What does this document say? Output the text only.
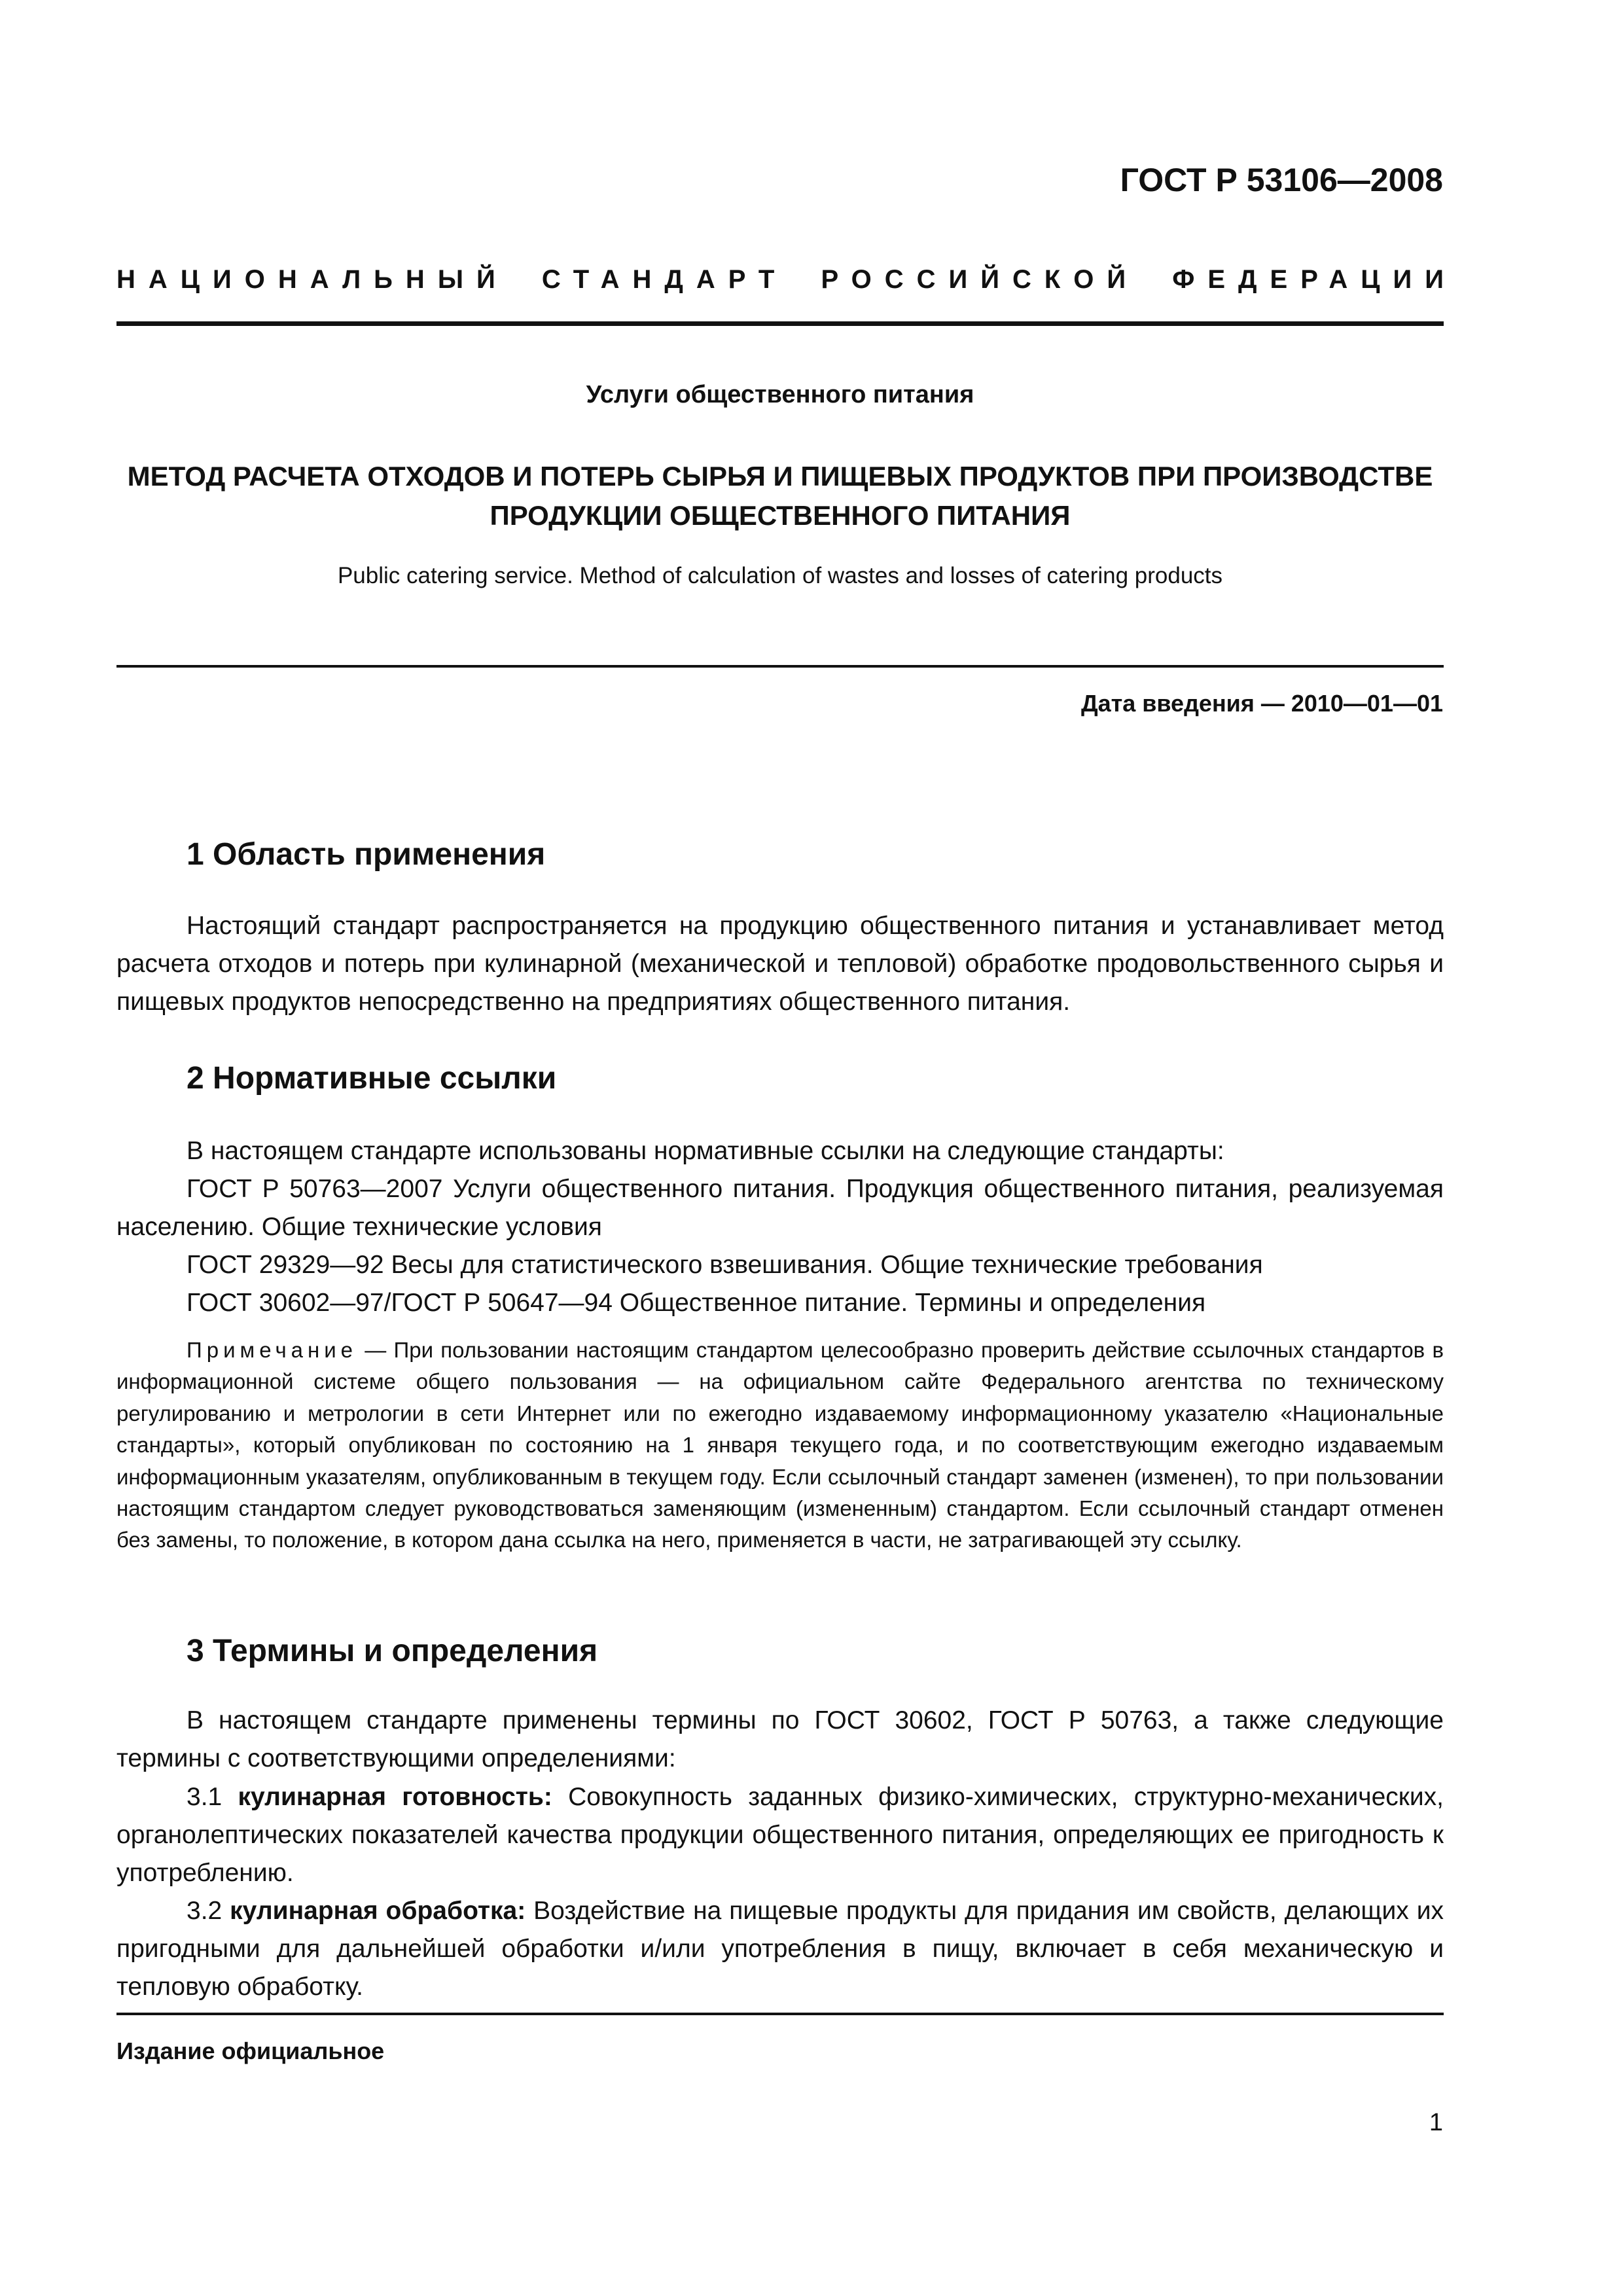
ГОСТ Р 53106—2008
НАЦИОНАЛЬНЫЙ СТАНДАРТ РОССИЙСКОЙ ФЕДЕРАЦИИ
Услуги общественного питания
МЕТОД РАСЧЕТА ОТХОДОВ И ПОТЕРЬ СЫРЬЯ И ПИЩЕВЫХ ПРОДУКТОВ ПРИ ПРОИЗВОДСТВЕ
ПРОДУКЦИИ ОБЩЕСТВЕННОГО ПИТАНИЯ
Public catering service. Method of calculation of wastes and losses of catering products
Дата введения — 2010—01—01
1 Область применения

Настоящий стандарт распространяется на продукцию общественного питания и устанавливает метод расчета отходов и потерь при кулинарной (механической и тепловой) обработке продовольственного сырья и пищевых продуктов непосредственно на предприятиях общественного питания.

2 Нормативные ссылки
В настоящем стандарте использованы нормативные ссылки на следующие стандарты:

ГОСТ Р 50763—2007 Услуги общественного питания. Продукция общественного питания, реализуемая населению. Общие технические условия

ГОСТ 29329—92 Весы для статистического взвешивания. Общие технические требования
ГОСТ 30602—97/ГОСТ Р 50647—94 Общественное питание. Термины и определения

Примечание — При пользовании настоящим стандартом целесообразно проверить действие ссылочных стандартов в информационной системе общего пользования — на официальном сайте Федерального агентства по техническому регулированию и метрологии в сети Интернет или по ежегодно издаваемому информационному указателю «Национальные стандарты», который опубликован по состоянию на 1 января текущего года, и по соответствующим ежегодно издаваемым информационным указателям, опубликованным в текущем году. Если ссылочный стандарт заменен (изменен), то при пользовании настоящим стандартом следует руководствоваться заменяющим (измененным) стандартом. Если ссылочный стандарт отменен без замены, то положение, в котором дана ссылка на него, применяется в части, не затрагивающей эту ссылку.

3 Термины и определения

В настоящем стандарте применены термины по ГОСТ 30602, ГОСТ Р 50763, а также следующие термины с соответствующими определениями:

3.1 кулинарная готовность: Совокупность заданных физико-химических, структурно-механических, органолептических показателей качества продукции общественного питания, определяющих ее пригодность к употреблению.

3.2 кулинарная обработка: Воздействие на пищевые продукты для придания им свойств, делающих их пригодными для дальнейшей обработки и/или употребления в пищу, включает в себя механическую и тепловую обработку.

Издание официальное
1
